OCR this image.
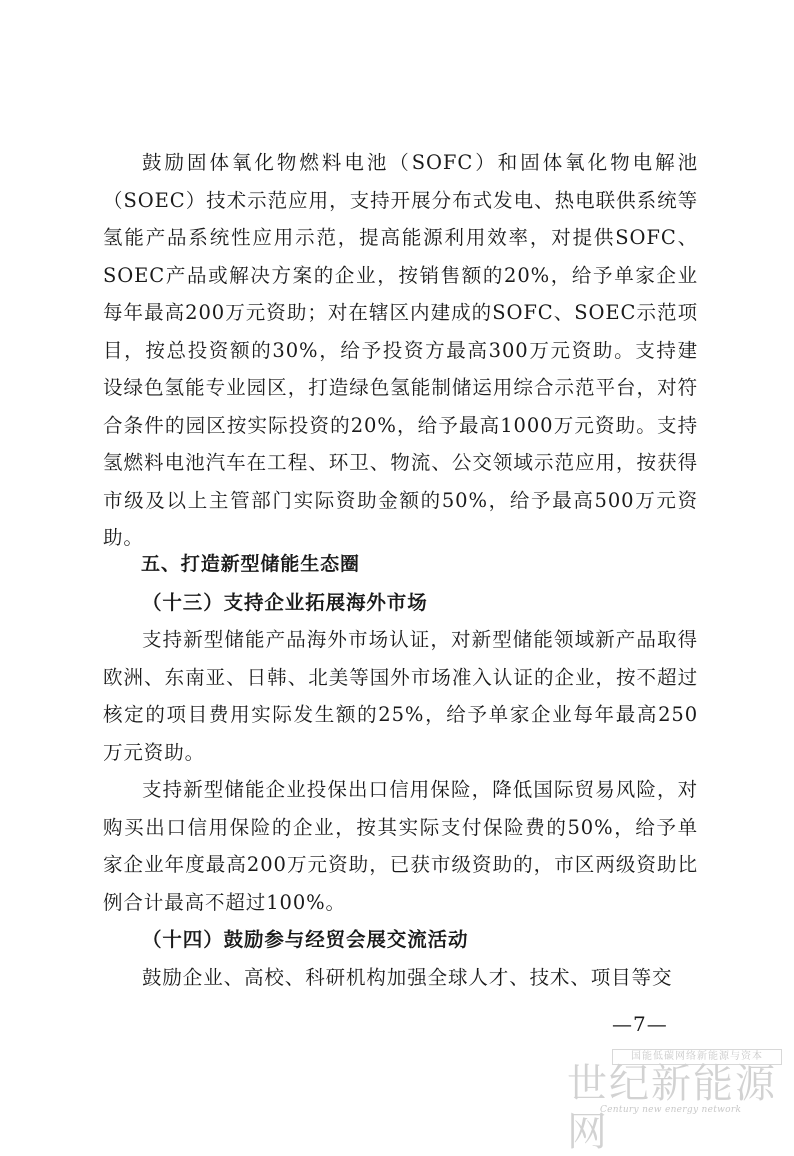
鼓励固体氧化物燃料电池（SOFC）和固体氧化物电解池（SOEC）技术示范应用，支持开展分布式发电、热电联供系统等氢能产品系统性应用示范，提高能源利用效率，对提供SOFC、SOEC产品或解决方案的企业，按销售额的20%，给予单家企业每年最高200万元资助；对在辖区内建成的SOFC、SOEC示范项目，按总投资额的30%，给予投资方最高300万元资助。支持建设绿色氢能专业园区，打造绿色氢能制储运用综合示范平台，对符合条件的园区按实际投资的20%，给予最高1000万元资助。支持氢燃料电池汽车在工程、环卫、物流、公交领域示范应用，按获得市级及以上主管部门实际资助金额的50%，给予最高500万元资助。

五、打造新型储能生态圈

（十三）支持企业拓展海外市场

支持新型储能产品海外市场认证，对新型储能领域新产品取得欧洲、东南亚、日韩、北美等国外市场准入认证的企业，按不超过核定的项目费用实际发生额的25%，给予单家企业每年最高250万元资助。

支持新型储能企业投保出口信用保险，降低国际贸易风险，对购买出口信用保险的企业，按其实际支付保险费的50%，给予单家企业年度最高200万元资助，已获市级资助的，市区两级资助比例合计最高不超过100%。

（十四）鼓励参与经贸会展交流活动

鼓励企业、高校、科研机构加强全球人才、技术、项目等交

—7—
国能低碳网络新能源与资本
世纪新能源网
Century new energy network
